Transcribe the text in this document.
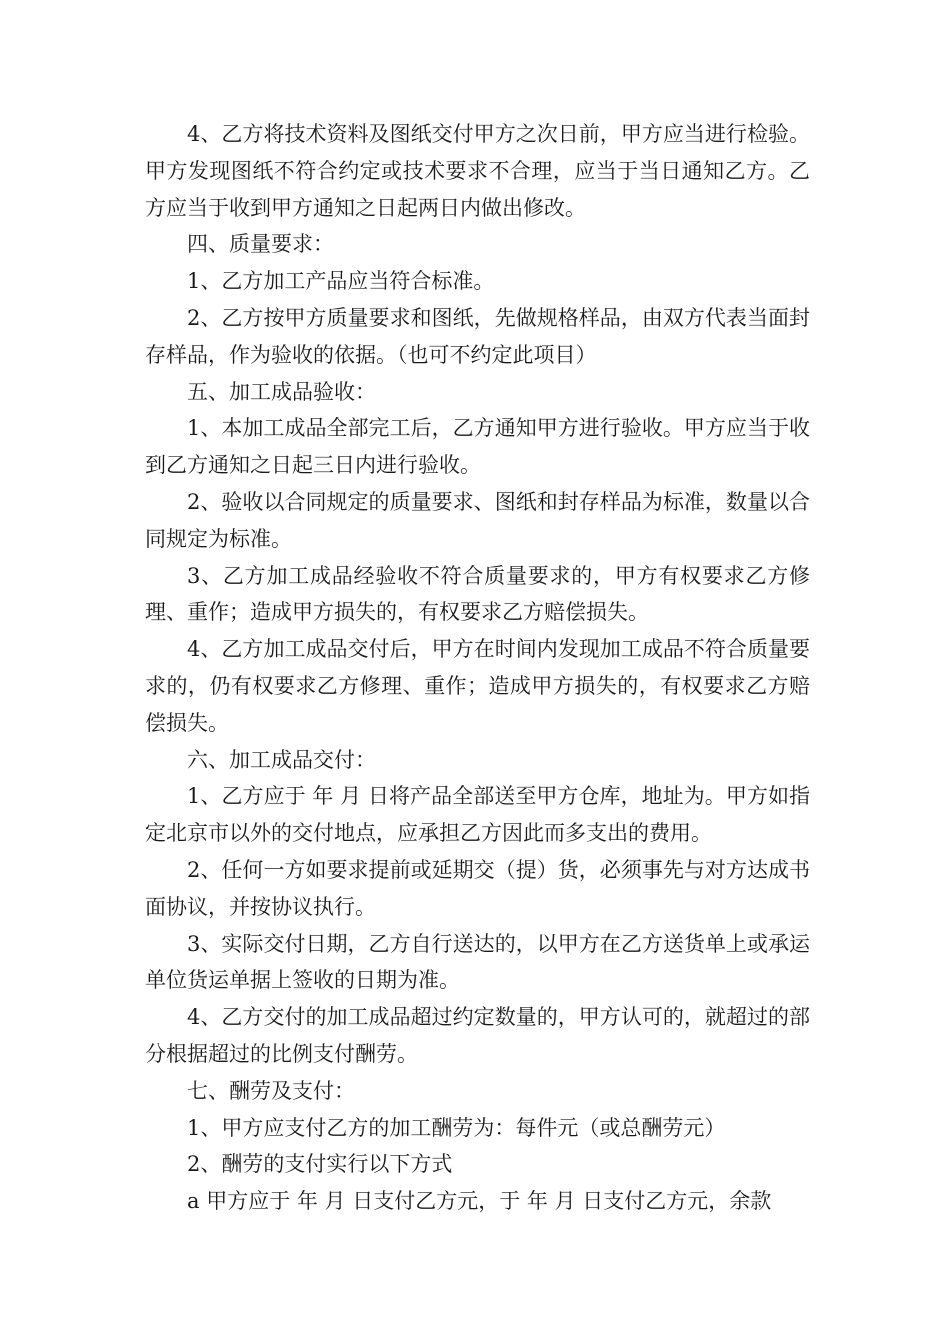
4、乙方将技术资料及图纸交付甲方之次日前，甲方应当进行检验。甲方发现图纸不符合约定或技术要求不合理，应当于当日通知乙方。乙方应当于收到甲方通知之日起两日内做出修改。

四、质量要求：

1、乙方加工产品应当符合标准。

2、乙方按甲方质量要求和图纸，先做规格样品，由双方代表当面封存样品，作为验收的依据。（也可不约定此项目）

五、加工成品验收：

1、本加工成品全部完工后，乙方通知甲方进行验收。甲方应当于收到乙方通知之日起三日内进行验收。

2、验收以合同规定的质量要求、图纸和封存样品为标准，数量以合同规定为标准。

3、乙方加工成品经验收不符合质量要求的，甲方有权要求乙方修理、重作；造成甲方损失的，有权要求乙方赔偿损失。

4、乙方加工成品交付后，甲方在时间内发现加工成品不符合质量要求的，仍有权要求乙方修理、重作；造成甲方损失的，有权要求乙方赔偿损失。

六、加工成品交付：

1、乙方应于 年 月 日将产品全部送至甲方仓库，地址为。甲方如指定北京市以外的交付地点，应承担乙方因此而多支出的费用。

2、任何一方如要求提前或延期交（提）货，必须事先与对方达成书面协议，并按协议执行。

3、实际交付日期，乙方自行送达的，以甲方在乙方送货单上或承运单位货运单据上签收的日期为准。

4、乙方交付的加工成品超过约定数量的，甲方认可的，就超过的部分根据超过的比例支付酬劳。

七、酬劳及支付：

1、甲方应支付乙方的加工酬劳为：每件元（或总酬劳元）

2、酬劳的支付实行以下方式

a 甲方应于 年 月 日支付乙方元，于 年 月 日支付乙方元，余款
